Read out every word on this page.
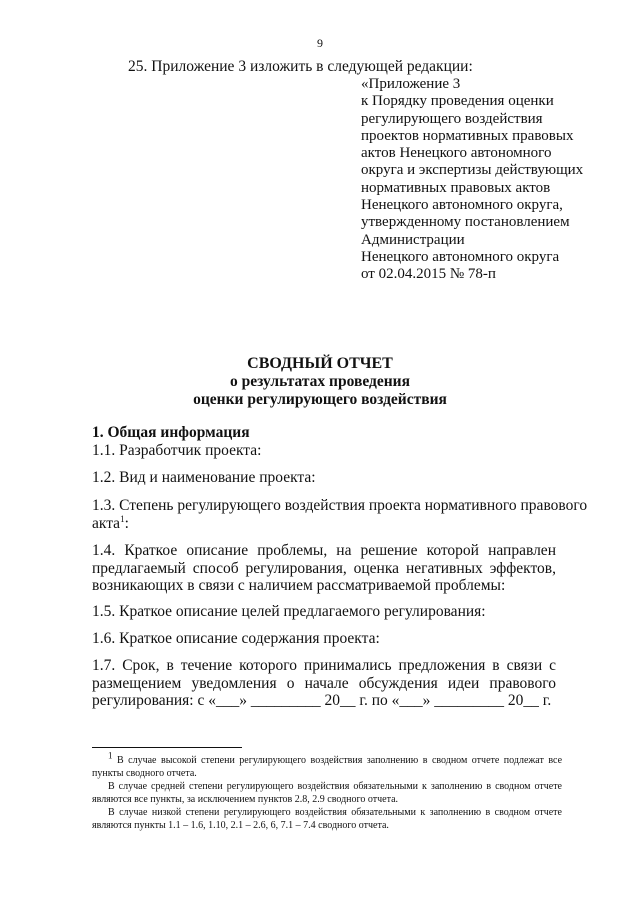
9
25. Приложение 3 изложить в следующей редакции:
«Приложение 3
к Порядку проведения оценки
регулирующего воздействия
проектов нормативных правовых
актов Ненецкого автономного
округа и экспертизы действующих
нормативных правовых актов
Ненецкого автономного округа,
утвержденному постановлением
Администрации
Ненецкого автономного округа
от 02.04.2015 № 78-п
СВОДНЫЙ ОТЧЕТ
о результатах проведения
оценки регулирующего воздействия
1. Общая информация
1.1. Разработчик проекта:
1.2. Вид и наименование проекта:
1.3. Степень регулирующего воздействия проекта нормативного правового
акта$^1$:
1.4. Краткое описание проблемы, на решение которой направлен
предлагаемый способ регулирования, оценка негативных эффектов,
возникающих в связи с наличием рассматриваемой проблемы:
1.5. Краткое описание целей предлагаемого регулирования:
1.6. Краткое описание содержания проекта:
1.7. Срок, в течение которого принимались предложения в связи с
размещением уведомления о начале обсуждения идеи правового
регулирования: с «___» _________ 20__ г. по «___» _________ 20__ г.
$^1$ В случае высокой степени регулирующего воздействия заполнению в сводном отчете подлежат все пункты сводного отчета.
В случае средней степени регулирующего воздействия обязательными к заполнению в сводном отчете являются все пункты, за исключением пунктов 2.8, 2.9 сводного отчета.
В случае низкой степени регулирующего воздействия обязательными к заполнению в сводном отчете являются пункты 1.1 – 1.6, 1.10, 2.1 – 2.6, 6, 7.1 – 7.4 сводного отчета.
